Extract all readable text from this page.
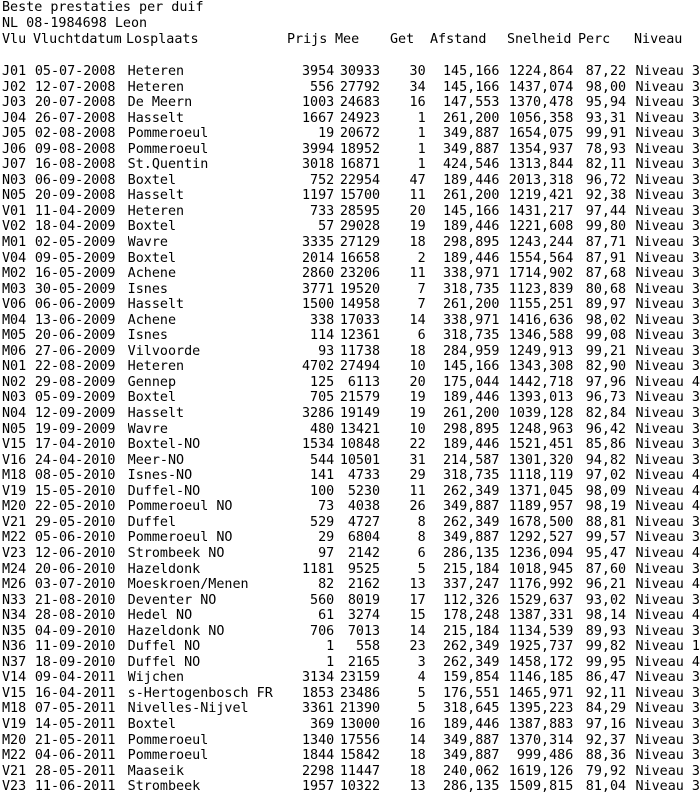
Beste prestaties per duif
NL 08-1984698 Leon
Vlu Vluchtdatum Losplaats	Prijs Mee Get Afstand Snelheid Perc Niveau
J01	05-07-2008	Heteren	3954	30933	30	145,166	1224,864	87,22	Niveau 3
J02	12-07-2008	Heteren	556	27792	34	145,166	1437,074	98,00	Niveau 3
J03	20-07-2008	De Meern	1003	24683	16	147,553	1370,478	95,94	Niveau 3
J04	26-07-2008	Hasselt	1667	24923	1	261,200	1056,358	93,31	Niveau 3
J05	02-08-2008	Pommeroeul	19	20672	1	349,887	1654,075	99,91	Niveau 3
J06	09-08-2008	Pommeroeul	3994	18952	1	349,887	1354,937	78,93	Niveau 3
J07	16-08-2008	St.Quentin	3018	16871	1	424,546	1313,844	82,11	Niveau 3
N03	06-09-2008	Boxtel	752	22954	47	189,446	2013,318	96,72	Niveau 3
N05	20-09-2008	Hasselt	1197	15700	11	261,200	1219,421	92,38	Niveau 3
V01	11-04-2009	Heteren	733	28595	20	145,166	1431,217	97,44	Niveau 3
V02	18-04-2009	Boxtel	57	29028	19	189,446	1221,608	99,80	Niveau 3
M01	02-05-2009	Wavre	3335	27129	18	298,895	1243,244	87,71	Niveau 3
V04	09-05-2009	Boxtel	2014	16658	2	189,446	1554,564	87,91	Niveau 3
M02	16-05-2009	Achene	2860	23206	11	338,971	1714,902	87,68	Niveau 3
M03	30-05-2009	Isnes	3771	19520	7	318,735	1123,839	80,68	Niveau 3
V06	06-06-2009	Hasselt	1500	14958	7	261,200	1155,251	89,97	Niveau 3
M04	13-06-2009	Achene	338	17033	14	338,971	1416,636	98,02	Niveau 3
M05	20-06-2009	Isnes	114	12361	6	318,735	1346,588	99,08	Niveau 3
M06	27-06-2009	Vilvoorde	93	11738	18	284,959	1249,913	99,21	Niveau 3
N01	22-08-2009	Heteren	4702	27494	10	145,166	1343,308	82,90	Niveau 3
N02	29-08-2009	Gennep	125	6113	20	175,044	1442,718	97,96	Niveau 4
N03	05-09-2009	Boxtel	705	21579	19	189,446	1393,013	96,73	Niveau 3
N04	12-09-2009	Hasselt	3286	19149	19	261,200	1039,128	82,84	Niveau 3
N05	19-09-2009	Wavre	480	13421	10	298,895	1248,963	96,42	Niveau 3
V15	17-04-2010	Boxtel-NO	1534	10848	22	189,446	1521,451	85,86	Niveau 3
V16	24-04-2010	Meer-NO	544	10501	31	214,587	1301,320	94,82	Niveau 3
M18	08-05-2010	Isnes-NO	141	4733	29	318,735	1118,119	97,02	Niveau 4
V19	15-05-2010	Duffel-NO	100	5230	11	262,349	1371,045	98,09	Niveau 4
M20	22-05-2010	Pommeroeul NO	73	4038	26	349,887	1189,957	98,19	Niveau 4
V21	29-05-2010	Duffel	529	4727	8	262,349	1678,500	88,81	Niveau 3
M22	05-06-2010	Pommeroeul NO	29	6804	8	349,887	1292,527	99,57	Niveau 3
V23	12-06-2010	Strombeek NO	97	2142	6	286,135	1236,094	95,47	Niveau 4
M24	20-06-2010	Hazeldonk	1181	9525	5	215,184	1018,945	87,60	Niveau 3
M26	03-07-2010	Moeskroen/Menen	82	2162	13	337,247	1176,992	96,21	Niveau 4
N33	21-08-2010	Deventer NO	560	8019	17	112,326	1529,637	93,02	Niveau 3
N34	28-08-2010	Hedel NO	61	3274	15	178,248	1387,331	98,14	Niveau 4
N35	04-09-2010	Hazeldonk NO	706	7013	14	215,184	1134,539	89,93	Niveau 3
N36	11-09-2010	Duffel NO	1	558	23	262,349	1925,737	99,82	Niveau 1
N37	18-09-2010	Duffel NO	1	2165	3	262,349	1458,172	99,95	Niveau 4
V14	09-04-2011	Wijchen	3134	23159	4	159,854	1146,185	86,47	Niveau 3
V15	16-04-2011	s-Hertogenbosch FR	1853	23486	5	176,551	1465,971	92,11	Niveau 3
M18	07-05-2011	Nivelles-Nijvel	3361	21390	5	318,645	1395,223	84,29	Niveau 3
V19	14-05-2011	Boxtel	369	13000	16	189,446	1387,883	97,16	Niveau 3
M20	21-05-2011	Pommeroeul	1340	17556	14	349,887	1370,314	92,37	Niveau 3
M22	04-06-2011	Pommeroeul	1844	15842	18	349,887	999,486	88,36	Niveau 3
V21	28-05-2011	Maaseik	2298	11447	18	240,062	1619,126	79,92	Niveau 3
V23	11-06-2011	Strombeek	1957	10322	13	286,135	1509,815	81,04	Niveau 3
